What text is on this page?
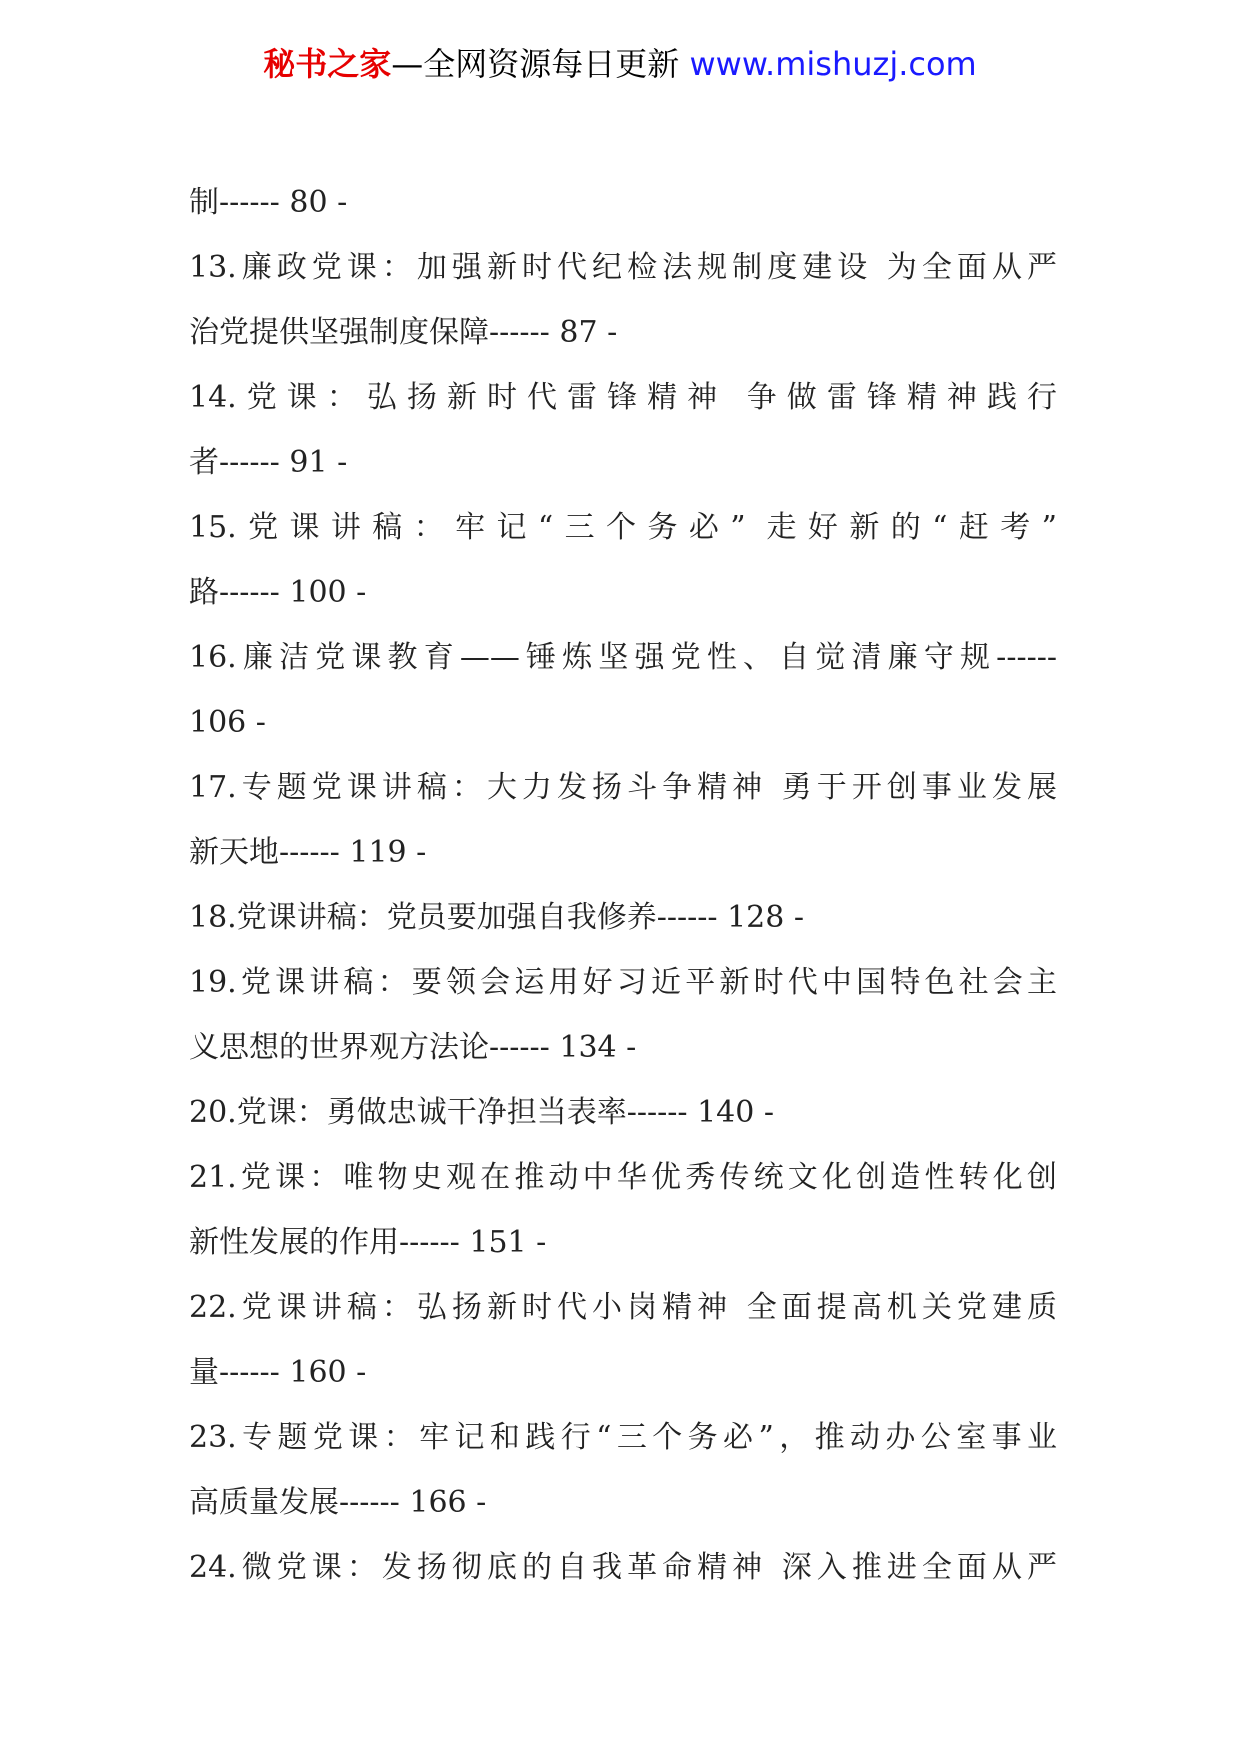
秘书之家—全网资源每日更新 www.mishuzj.com
制------ 80 -
13.廉政党课：加强新时代纪检法规制度建设 为全面从严
治党提供坚强制度保障------ 87 -
14.党课：弘扬新时代雷锋精神 争做雷锋精神践行
者------ 91 -
15.党课讲稿：牢记“三个务必” 走好新的“赶考”
路------ 100 -
16.廉洁党课教育——锤炼坚强党性、自觉清廉守规------
106 -
17.专题党课讲稿：大力发扬斗争精神 勇于开创事业发展
新天地------ 119 -
18.党课讲稿：党员要加强自我修养------ 128 -
19.党课讲稿：要领会运用好习近平新时代中国特色社会主
义思想的世界观方法论------ 134 -
20.党课：勇做忠诚干净担当表率------ 140 -
21.党课：唯物史观在推动中华优秀传统文化创造性转化创
新性发展的作用------ 151 -
22.党课讲稿：弘扬新时代小岗精神 全面提高机关党建质
量------ 160 -
23.专题党课：牢记和践行“三个务必”，推动办公室事业
高质量发展------ 166 -
24.微党课：发扬彻底的自我革命精神 深入推进全面从严
